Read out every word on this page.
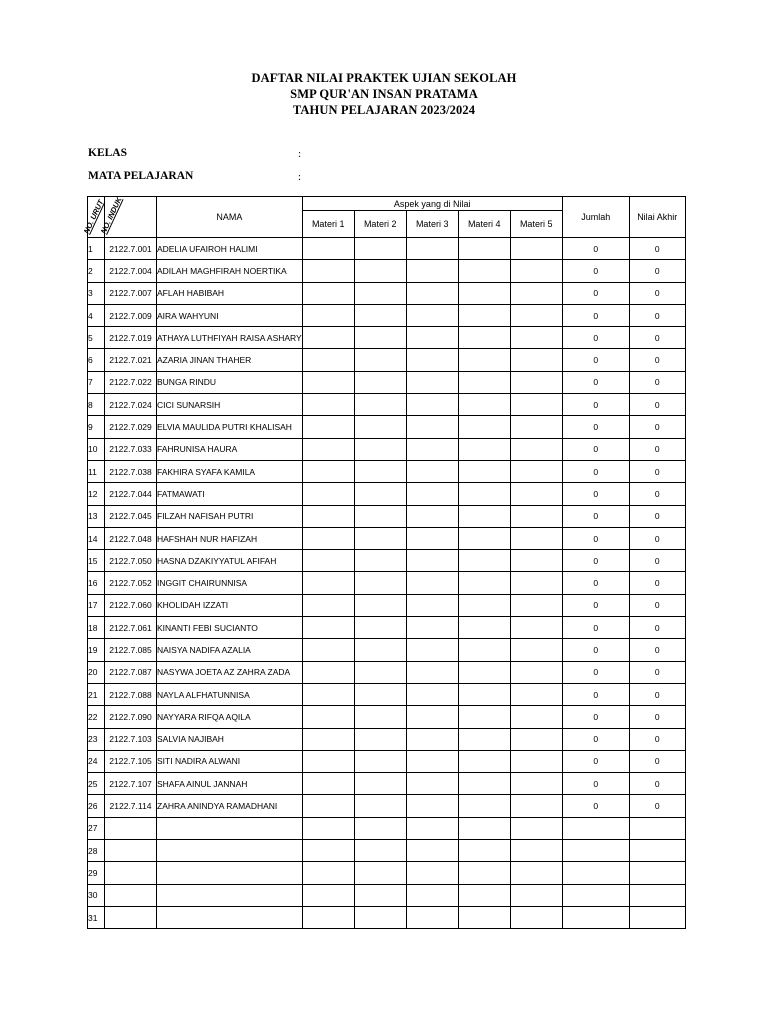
DAFTAR NILAI PRAKTEK UJIAN SEKOLAH
SMP QUR'AN INSAN PRATAMA
TAHUN PELAJARAN 2023/2024
KELAS	:
MATA PELAJARAN	:
NO. URUT	NO. INDUK	NAMA	Aspek yang di Nilai					Jumlah	Nilai Akhir
			Materi 1	Materi 2	Materi 3	Materi 4	Materi 5		
1	2122.7.001	ADELIA UFAIROH HALIMI						0	0
2	2122.7.004	ADILAH MAGHFIRAH NOERTIKA						0	0
3	2122.7.007	AFLAH HABIBAH						0	0
4	2122.7.009	AIRA WAHYUNI						0	0
5	2122.7.019	ATHAYA LUTHFIYAH RAISA ASHARY						0	0
6	2122.7.021	AZARIA JINAN THAHER						0	0
7	2122.7.022	BUNGA RINDU						0	0
8	2122.7.024	CICI SUNARSIH						0	0
9	2122.7.029	ELVIA MAULIDA PUTRI KHALISAH						0	0
10	2122.7.033	FAHRUNISA HAURA						0	0
11	2122.7.038	FAKHIRA SYAFA KAMILA						0	0
12	2122.7.044	FATMAWATI						0	0
13	2122.7.045	FILZAH NAFISAH PUTRI						0	0
14	2122.7.048	HAFSHAH NUR HAFIZAH						0	0
15	2122.7.050	HASNA DZAKIYYATUL AFIFAH						0	0
16	2122.7.052	INGGIT CHAIRUNNISA						0	0
17	2122.7.060	KHOLIDAH IZZATI						0	0
18	2122.7.061	KINANTI FEBI SUCIANTO						0	0
19	2122.7.085	NAISYA NADIFA AZALIA						0	0
20	2122.7.087	NASYWA JOETA AZ ZAHRA ZADA						0	0
21	2122.7.088	NAYLA ALFHATUNNISA						0	0
22	2122.7.090	NAYYARA RIFQA AQILA						0	0
23	2122.7.103	SALVIA NAJIBAH						0	0
24	2122.7.105	SITI NADIRA ALWANI						0	0
25	2122.7.107	SHAFA AINUL JANNAH						0	0
26	2122.7.114	ZAHRA ANINDYA RAMADHANI						0	0
27									
28									
29									
30									
31									
